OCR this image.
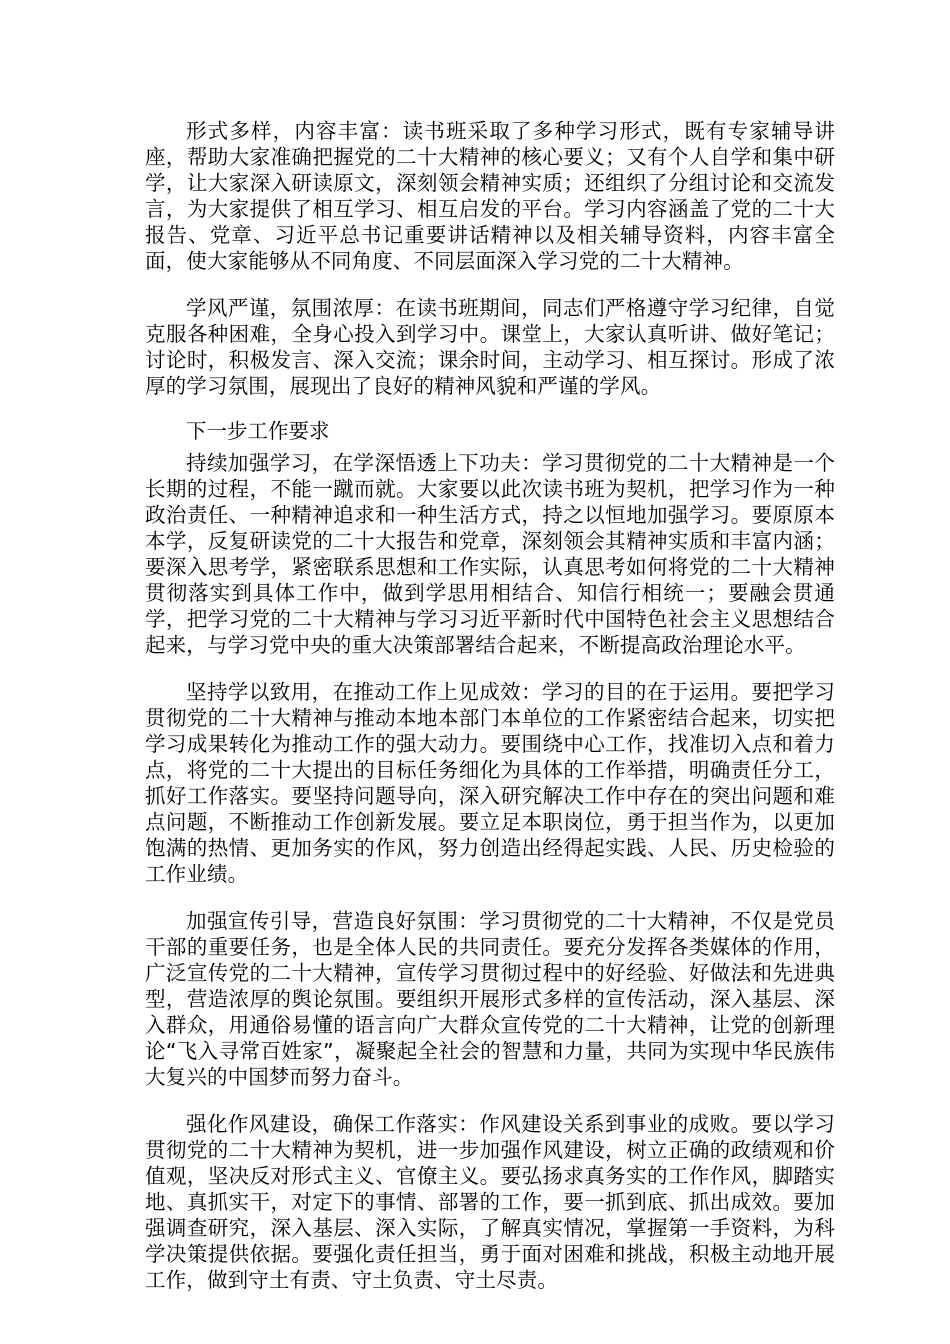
形式多样，内容丰富：读书班采取了多种学习形式，既有专家辅导讲座，帮助大家准确把握党的二十大精神的核心要义；又有个人自学和集中研学，让大家深入研读原文，深刻领会精神实质；还组织了分组讨论和交流发言，为大家提供了相互学习、相互启发的平台。学习内容涵盖了党的二十大报告、党章、习近平总书记重要讲话精神以及相关辅导资料，内容丰富全面，使大家能够从不同角度、不同层面深入学习党的二十大精神。

学风严谨，氛围浓厚：在读书班期间，同志们严格遵守学习纪律，自觉克服各种困难，全身心投入到学习中。课堂上，大家认真听讲、做好笔记；讨论时，积极发言、深入交流；课余时间，主动学习、相互探讨。形成了浓厚的学习氛围，展现出了良好的精神风貌和严谨的学风。

下一步工作要求

持续加强学习，在学深悟透上下功夫：学习贯彻党的二十大精神是一个长期的过程，不能一蹴而就。大家要以此次读书班为契机，把学习作为一种政治责任、一种精神追求和一种生活方式，持之以恒地加强学习。要原原本本学，反复研读党的二十大报告和党章，深刻领会其精神实质和丰富内涵；要深入思考学，紧密联系思想和工作实际，认真思考如何将党的二十大精神贯彻落实到具体工作中，做到学思用相结合、知信行相统一；要融会贯通学，把学习党的二十大精神与学习习近平新时代中国特色社会主义思想结合起来，与学习党中央的重大决策部署结合起来，不断提高政治理论水平。

坚持学以致用，在推动工作上见成效：学习的目的在于运用。要把学习贯彻党的二十大精神与推动本地本部门本单位的工作紧密结合起来，切实把学习成果转化为推动工作的强大动力。要围绕中心工作，找准切入点和着力点，将党的二十大提出的目标任务细化为具体的工作举措，明确责任分工，抓好工作落实。要坚持问题导向，深入研究解决工作中存在的突出问题和难点问题，不断推动工作创新发展。要立足本职岗位，勇于担当作为，以更加饱满的热情、更加务实的作风，努力创造出经得起实践、人民、历史检验的工作业绩。

加强宣传引导，营造良好氛围：学习贯彻党的二十大精神，不仅是党员干部的重要任务，也是全体人民的共同责任。要充分发挥各类媒体的作用，广泛宣传党的二十大精神，宣传学习贯彻过程中的好经验、好做法和先进典型，营造浓厚的舆论氛围。要组织开展形式多样的宣传活动，深入基层、深入群众，用通俗易懂的语言向广大群众宣传党的二十大精神，让党的创新理论“飞入寻常百姓家”，凝聚起全社会的智慧和力量，共同为实现中华民族伟大复兴的中国梦而努力奋斗。

强化作风建设，确保工作落实：作风建设关系到事业的成败。要以学习贯彻党的二十大精神为契机，进一步加强作风建设，树立正确的政绩观和价值观，坚决反对形式主义、官僚主义。要弘扬求真务实的工作作风，脚踏实地、真抓实干，对定下的事情、部署的工作，要一抓到底、抓出成效。要加强调查研究，深入基层、深入实际，了解真实情况，掌握第一手资料，为科学决策提供依据。要强化责任担当，勇于面对困难和挑战，积极主动地开展工作，做到守土有责、守土负责、守土尽责。
